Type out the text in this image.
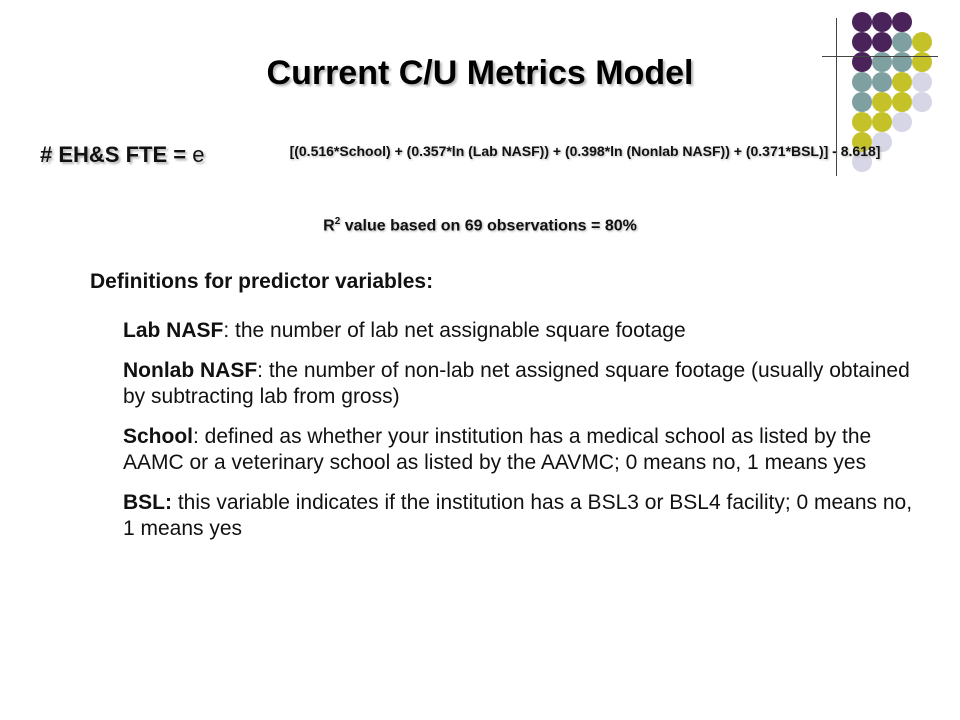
Current C/U Metrics Model
# EH&S FTE = e	[(0.516*School) + (0.357*ln (Lab NASF)) + (0.398*ln (Nonlab NASF)) + (0.371*BSL)] - 8.618]
$R^2$ value based on 69 observations = 80%
Definitions for predictor variables:
Lab NASF: the number of lab net assignable square footage
Nonlab NASF: the number of non-lab net assigned square footage (usually obtained by subtracting lab from gross)
School: defined as whether your institution has a medical school as listed by the AAMC or a veterinary school as listed by the AAVMC; 0 means no, 1 means yes
BSL: this variable indicates if the institution has a BSL3 or BSL4 facility; 0 means no, 1 means yes
